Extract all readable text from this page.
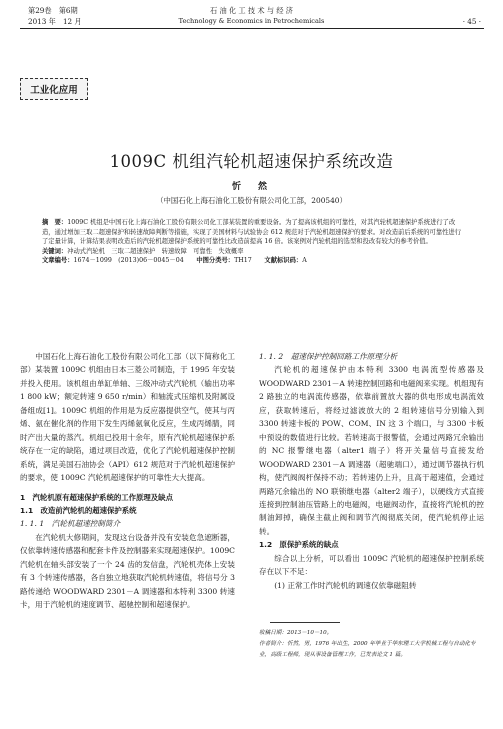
第29卷　第6期
2013 年　12 月
石 油 化 工 技 术 与 经 济
Technology & Economics in Petrochemicals	· 45 ·
工业化应用
1009C 机组汽轮机超速保护系统改造
忻　然
（中国石化上海石油化工股份有限公司化工部，200540）

摘　要：1009C 机组是中国石化上海石油化工股份有限公司化工部某装置的重要设备。为了提高该机组的可靠性，对其汽轮机超速保护系统进行了改造，通过增加三取二超速保护和转速故障判断等措施，实现了美国材料与试验协会 612 规范对于汽轮机超速保护的要求。对改造前后系统的可靠性进行了定量计算，计算结果表明改造后的汽轮机超速保护系统的可靠性比改造前提高 16 倍。该案例对汽轮机组的选型和投改有较大的参考价值。

关键词：冲动式汽轮机　三取二超速保护　转速故障　可靠性　失效概率

文章编号：1674－1099　(2013)06－0045－04   中图分类号：TH17   文献标识码：A

中国石化上海石油化工股份有限公司化工部（以下简称化工部）某装置 1009C 机组由日本三菱公司制造，于 1995 年安装并投入使用。该机组由单缸单轴、三级冲动式汽轮机（输出功率 1 800 kW；额定转速 9 650 r/min）和轴流式压缩机及附属设备组成[1]。1009C 机组的作用是为反应器提供空气，使其与丙烯、氨在催化剂的作用下发生丙烯氨氧化反应，生成丙烯腈，同时产出大量的蒸汽。机组已投用十余年，原有汽轮机超速保护系统存在一定的缺陷，通过项目改造，优化了汽轮机超速保护控制系统，满足美国石油协会（API）612 规范对于汽轮机超速保护的要求，使 1009C 汽轮机超速保护的可靠性大大提高。

1　汽轮机原有超速保护系统的工作原理及缺点

1.1　改造前汽轮机的超速保护系统

1. 1. 1　汽轮机超速控制简介

在汽轮机大修期间，发现这台设备并没有安装危急遮断器，仅依靠转速传感器和配套卡件及控制器来实现超速保护。1009C 汽轮机在轴头部安装了一个 24 齿的发信盘，汽轮机壳体上安装有 3 个转速传感器，各自独立地获取汽轮机转速值，将信号分 3 路传递给 WOODWARD 2301－A 调速器和本特利 3300 转速卡，用于汽轮机的速度调节、超驰控制和超速保护。

1. 1. 2　超速保护控制回路工作原理分析

汽轮机的超速保护由本特利 3300 电涡流型传感器及 WOODWARD 2301－A 转速控制回路和电磁阀来实现。机组现有 2 路独立的电涡流传感器，依靠前置放大器的供电形成电涡流效应，获取转速后，将经过滤波放大的 2 组转速信号分别输入到 3300 转速卡板的 POW、COM、IN 这 3 个端口，与 3300 卡板中预设的数值进行比较。若转速高于报警值，会通过两路冗余输出的 NC 报警继电器（alter1 端子）将开关量信号直接发给 WOODWARD 2301－A 调速器（超驰端口），通过调节器执行机构，使汽阀阀杆保持不动；若转速仍上升，且高于超速值，会通过两路冗余输出的 NO 联锁继电器（alter2 端子），以硬线方式直接连接到控制油压管路上的电磁阀，电磁阀动作，直接将汽轮机的控制油卸掉，确保主截止阀和调节汽阀彻底关闭，使汽轮机停止运转。

1.2　原保护系统的缺点

综合以上分析，可以看出 1009C 汽轮机的超速保护控制系统存在以下不足：

(1) 正常工作时汽轮机的调速仅依靠磁阻转

收稿日期：2013－10－10。

作者简介：忻然，男，1976 年出生，2000 年毕业于华东理工大学机械工程与自动化专业，高级工程师，现从事设备管理工作，已发表论文 1 篇。
